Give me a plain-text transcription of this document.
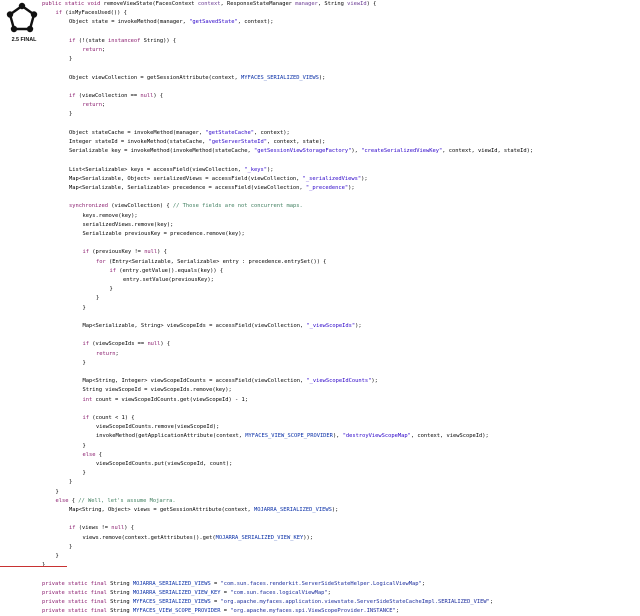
2.5 FINAL
public static void removeViewState(FacesContext context, ResponseStateManager manager, String viewId) {
if (isMyFacesUsed()) {
Object state = invokeMethod(manager, "getSavedState", context);
if (!(state instanceof String)) {
return;
}
Object viewCollection = getSessionAttribute(context, MYFACES_SERIALIZED_VIEWS);
if (viewCollection == null) {
return;
}
Object stateCache = invokeMethod(manager, "getStateCache", context);
Integer stateId = invokeMethod(stateCache, "getServerStateId", context, state);
Serializable key = invokeMethod(invokeMethod(stateCache, "getSessionViewStorageFactory"), "createSerializedViewKey", context, viewId, stateId);
List<Serializable> keys = accessField(viewCollection, "_keys");
Map<Serializable, Object> serializedViews = accessField(viewCollection, "_serializedViews");
Map<Serializable, Serializable> precedence = accessField(viewCollection, "_precedence");
synchronized (viewCollection) { // Those fields are not concurrent maps.
keys.remove(key);
serializedViews.remove(key);
Serializable previousKey = precedence.remove(key);
if (previousKey != null) {
for (Entry<Serializable, Serializable> entry : precedence.entrySet()) {
if (entry.getValue().equals(key)) {
entry.setValue(previousKey);
}
}
}
Map<Serializable, String> viewScopeIds = accessField(viewCollection, "_viewScopeIds");
if (viewScopeIds == null) {
return;
}
Map<String, Integer> viewScopeIdCounts = accessField(viewCollection, "_viewScopeIdCounts");
String viewScopeId = viewScopeIds.remove(key);
int count = viewScopeIdCounts.get(viewScopeId) - 1;
if (count < 1) {
viewScopeIdCounts.remove(viewScopeId);
invokeMethod(getApplicationAttribute(context, MYFACES_VIEW_SCOPE_PROVIDER), "destroyViewScopeMap", context, viewScopeId);
}
else {
viewScopeIdCounts.put(viewScopeId, count);
}
}
}
else { // Well, let's assume Mojarra.
Map<String, Object> views = getSessionAttribute(context, MOJARRA_SERIALIZED_VIEWS);
if (views != null) {
views.remove(context.getAttributes().get(MOJARRA_SERIALIZED_VIEW_KEY));
}
}
}
private static final String MOJARRA_SERIALIZED_VIEWS = "com.sun.faces.renderkit.ServerSideStateHelper.LogicalViewMap";
private static final String MOJARRA_SERIALIZED_VIEW_KEY = "com.sun.faces.logicalViewMap";
private static final String MYFACES_SERIALIZED_VIEWS = "org.apache.myfaces.application.viewstate.ServerSideStateCacheImpl.SERIALIZED_VIEW";
private static final String MYFACES_VIEW_SCOPE_PROVIDER = "org.apache.myfaces.spi.ViewScopeProvider.INSTANCE";
